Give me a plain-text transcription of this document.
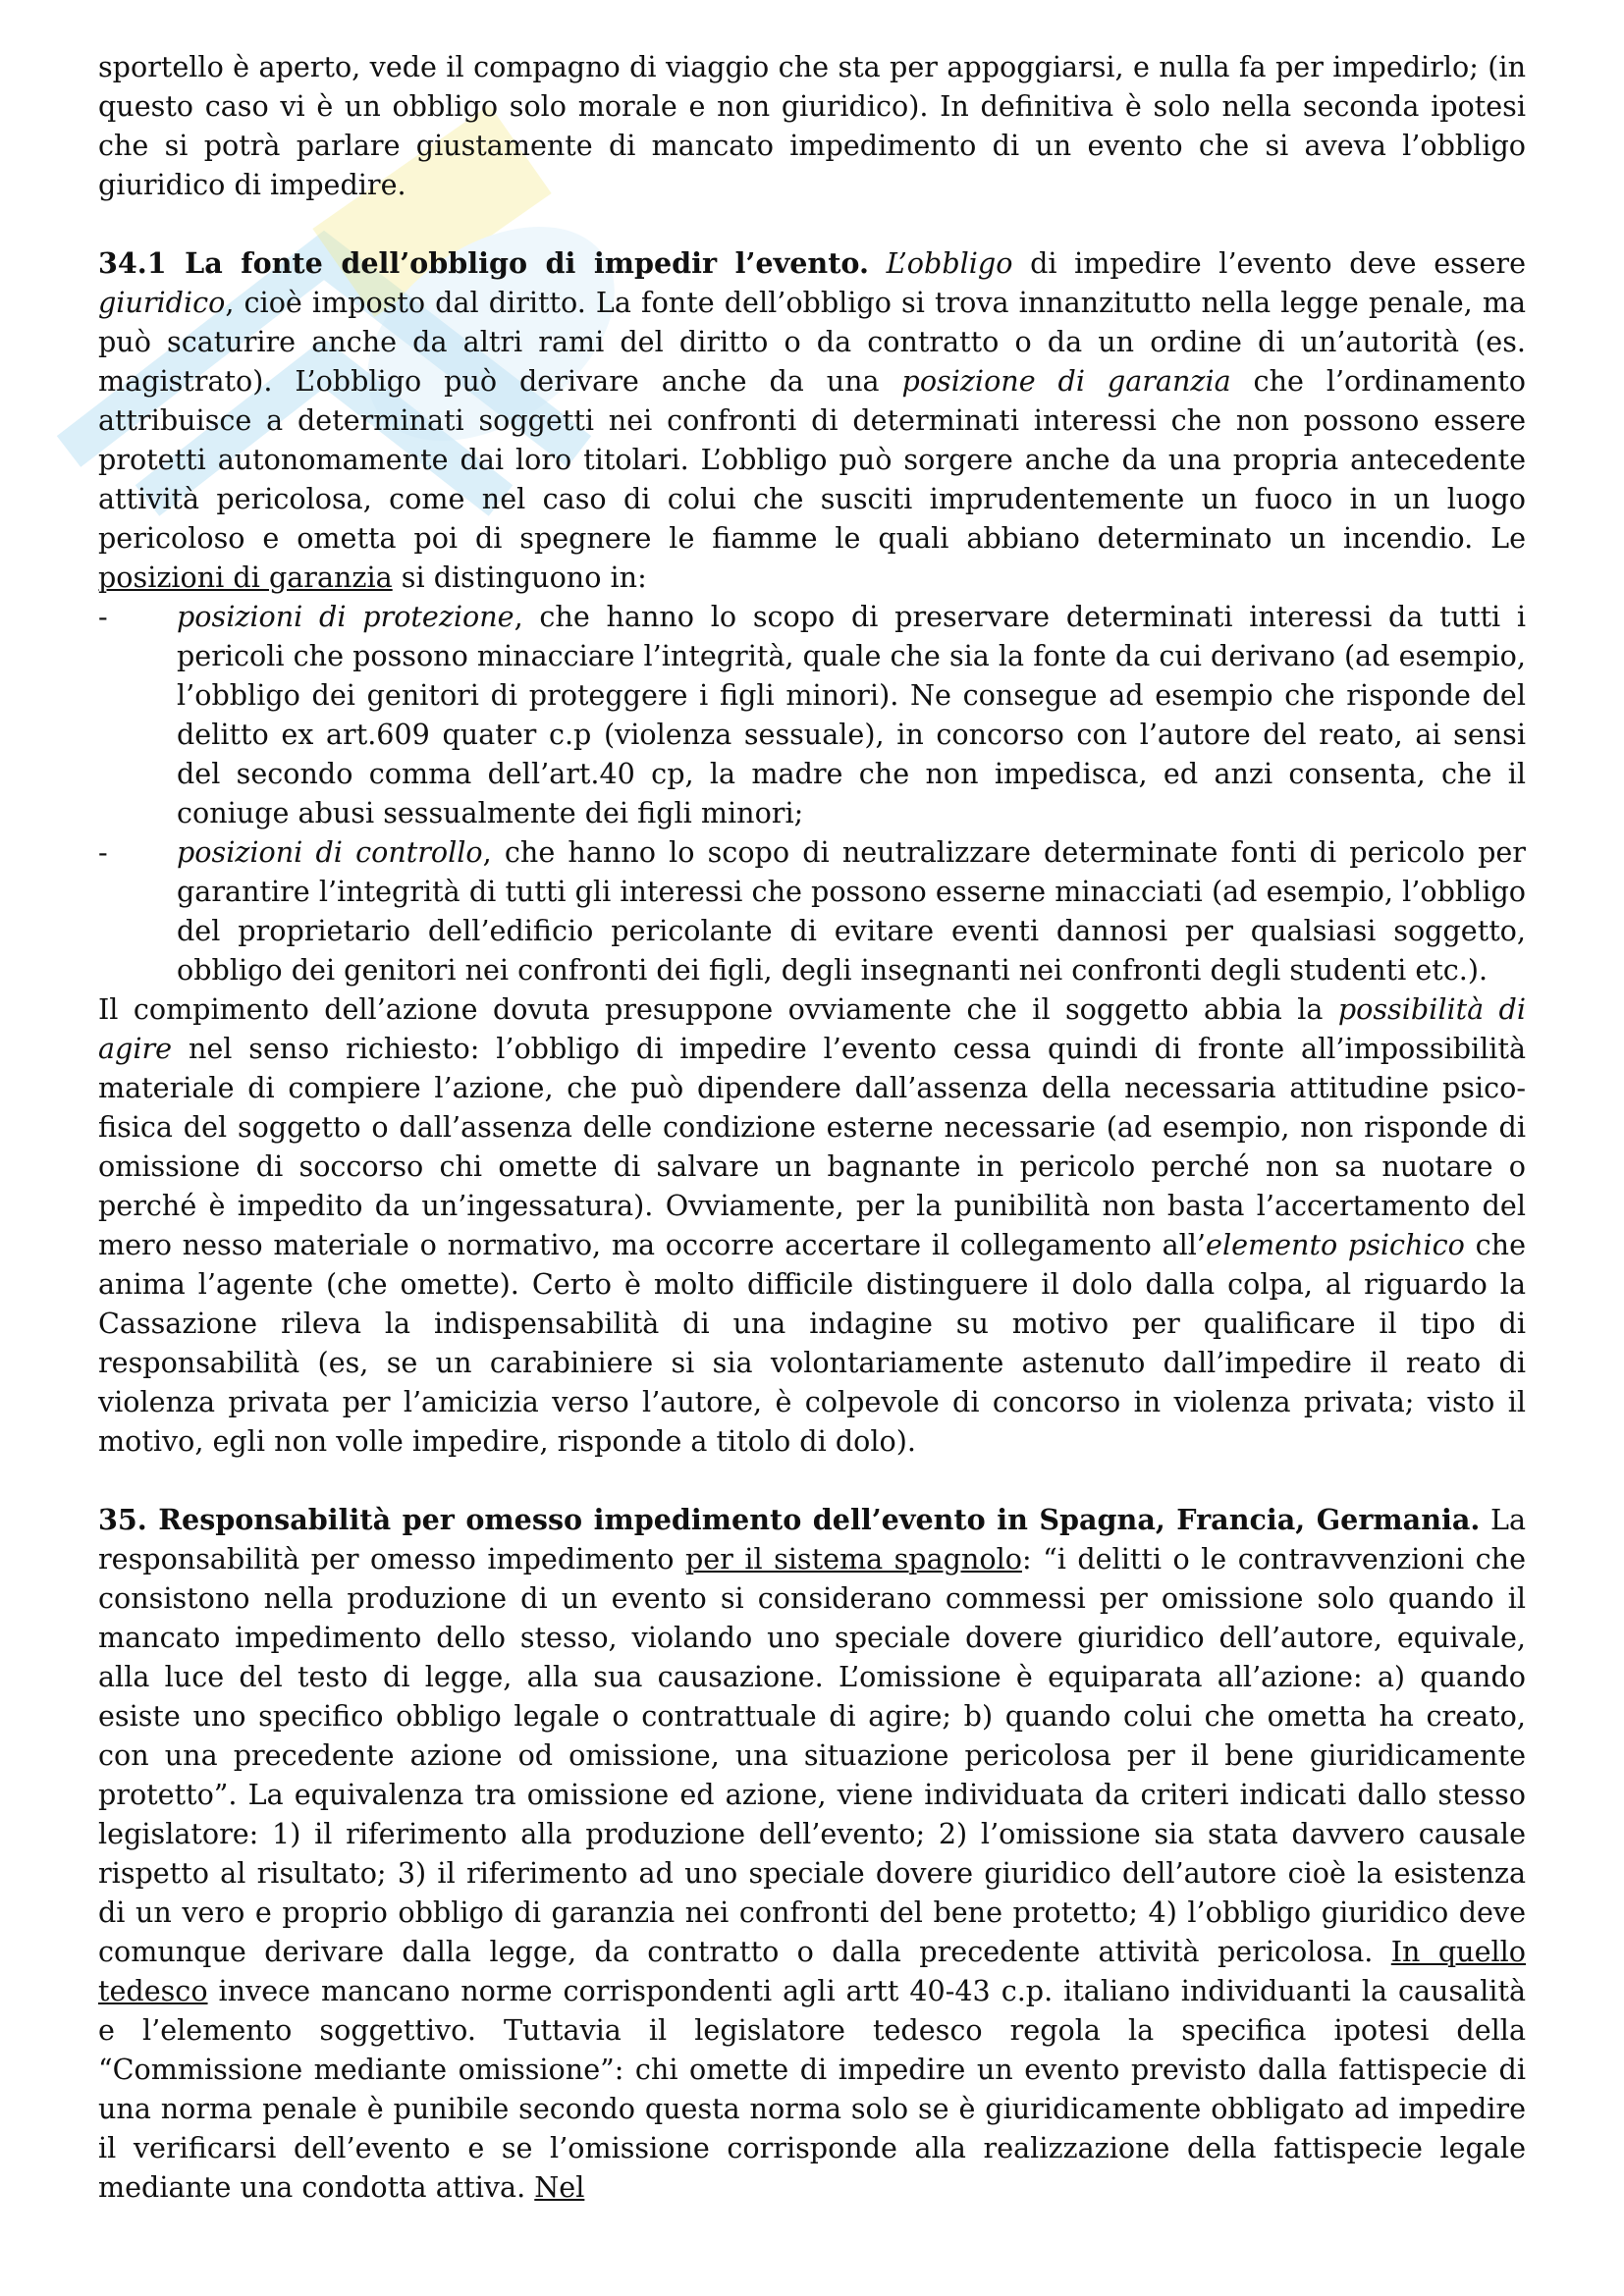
sportello è aperto, vede il compagno di viaggio che sta per appoggiarsi, e nulla fa per impedirlo; (in questo caso vi è un obbligo solo morale e non giuridico). In definitiva è solo nella seconda ipotesi che si potrà parlare giustamente di mancato impedimento di un evento che si aveva l’obbligo giuridico di impedire.

34.1 La fonte dell’obbligo di impedir l’evento. L’obbligo di impedire l’evento deve essere giuridico, cioè imposto dal diritto. La fonte dell’obbligo si trova innanzitutto nella legge penale, ma può scaturire anche da altri rami del diritto o da contratto o da un ordine di un’autorità (es. magistrato). L’obbligo può derivare anche da una posizione di garanzia che l’ordinamento attribuisce a determinati soggetti nei confronti di determinati interessi che non possono essere protetti autonomamente dai loro titolari. L’obbligo può sorgere anche da una propria antecedente attività pericolosa, come nel caso di colui che susciti imprudentemente un fuoco in un luogo pericoloso e ometta poi di spegnere le fiamme le quali abbiano determinato un incendio. Le posizioni di garanzia si distinguono in:

-	posizioni di protezione, che hanno lo scopo di preservare determinati interessi da tutti i pericoli che possono minacciare l’integrità, quale che sia la fonte da cui derivano (ad esempio, l’obbligo dei genitori di proteggere i figli minori). Ne consegue ad esempio che risponde del delitto ex art.609 quater c.p (violenza sessuale), in concorso con l’autore del reato, ai sensi del secondo comma dell’art.40 cp, la madre che non impedisca, ed anzi consenta, che il coniuge abusi sessualmente dei figli minori;

-	posizioni di controllo, che hanno lo scopo di neutralizzare determinate fonti di pericolo per garantire l’integrità di tutti gli interessi che possono esserne minacciati (ad esempio, l’obbligo del proprietario dell’edificio pericolante di evitare eventi dannosi per qualsiasi soggetto, obbligo dei genitori nei confronti dei figli, degli insegnanti nei confronti degli studenti etc.).

Il compimento dell’azione dovuta presuppone ovviamente che il soggetto abbia la possibilità di agire nel senso richiesto: l’obbligo di impedire l’evento cessa quindi di fronte all’impossibilità materiale di compiere l’azione, che può dipendere dall’assenza della necessaria attitudine psico-fisica del soggetto o dall’assenza delle condizione esterne necessarie (ad esempio, non risponde di omissione di soccorso chi omette di salvare un bagnante in pericolo perché non sa nuotare o perché è impedito da un’ingessatura). Ovviamente, per la punibilità non basta l’accertamento del mero nesso materiale o normativo, ma occorre accertare il collegamento all’elemento psichico che anima l’agente (che omette). Certo è molto difficile distinguere il dolo dalla colpa, al riguardo la Cassazione rileva la indispensabilità di una indagine su motivo per qualificare il tipo di responsabilità (es, se un carabiniere si sia volontariamente astenuto dall’impedire il reato di violenza privata per l’amicizia verso l’autore, è colpevole di concorso in violenza privata; visto il motivo, egli non volle impedire, risponde a titolo di dolo).

35. Responsabilità per omesso impedimento dell’evento in Spagna, Francia, Germania. La responsabilità per omesso impedimento per il sistema spagnolo: “i delitti o le contravvenzioni che consistono nella produzione di un evento si considerano commessi per omissione solo quando il mancato impedimento dello stesso, violando uno speciale dovere giuridico dell’autore, equivale, alla luce del testo di legge, alla sua causazione. L’omissione è equiparata all’azione: a) quando esiste uno specifico obbligo legale o contrattuale di agire; b) quando colui che ometta ha creato, con una precedente azione od omissione, una situazione pericolosa per il bene giuridicamente protetto”. La equivalenza tra omissione ed azione, viene individuata da criteri indicati dallo stesso legislatore: 1) il riferimento alla produzione dell’evento; 2) l’omissione sia stata davvero causale rispetto al risultato; 3) il riferimento ad uno speciale dovere giuridico dell’autore cioè la esistenza di un vero e proprio obbligo di garanzia nei confronti del bene protetto; 4) l’obbligo giuridico deve comunque derivare dalla legge, da contratto o dalla precedente attività pericolosa. In quello tedesco invece mancano norme corrispondenti agli artt 40-43 c.p. italiano individuanti la causalità e l’elemento soggettivo. Tuttavia il legislatore tedesco regola la specifica ipotesi della “Commissione mediante omissione”: chi omette di impedire un evento previsto dalla fattispecie di una norma penale è punibile secondo questa norma solo se è giuridicamente obbligato ad impedire il verificarsi dell’evento e se l’omissione corrisponde alla realizzazione della fattispecie legale mediante una condotta attiva. Nel
